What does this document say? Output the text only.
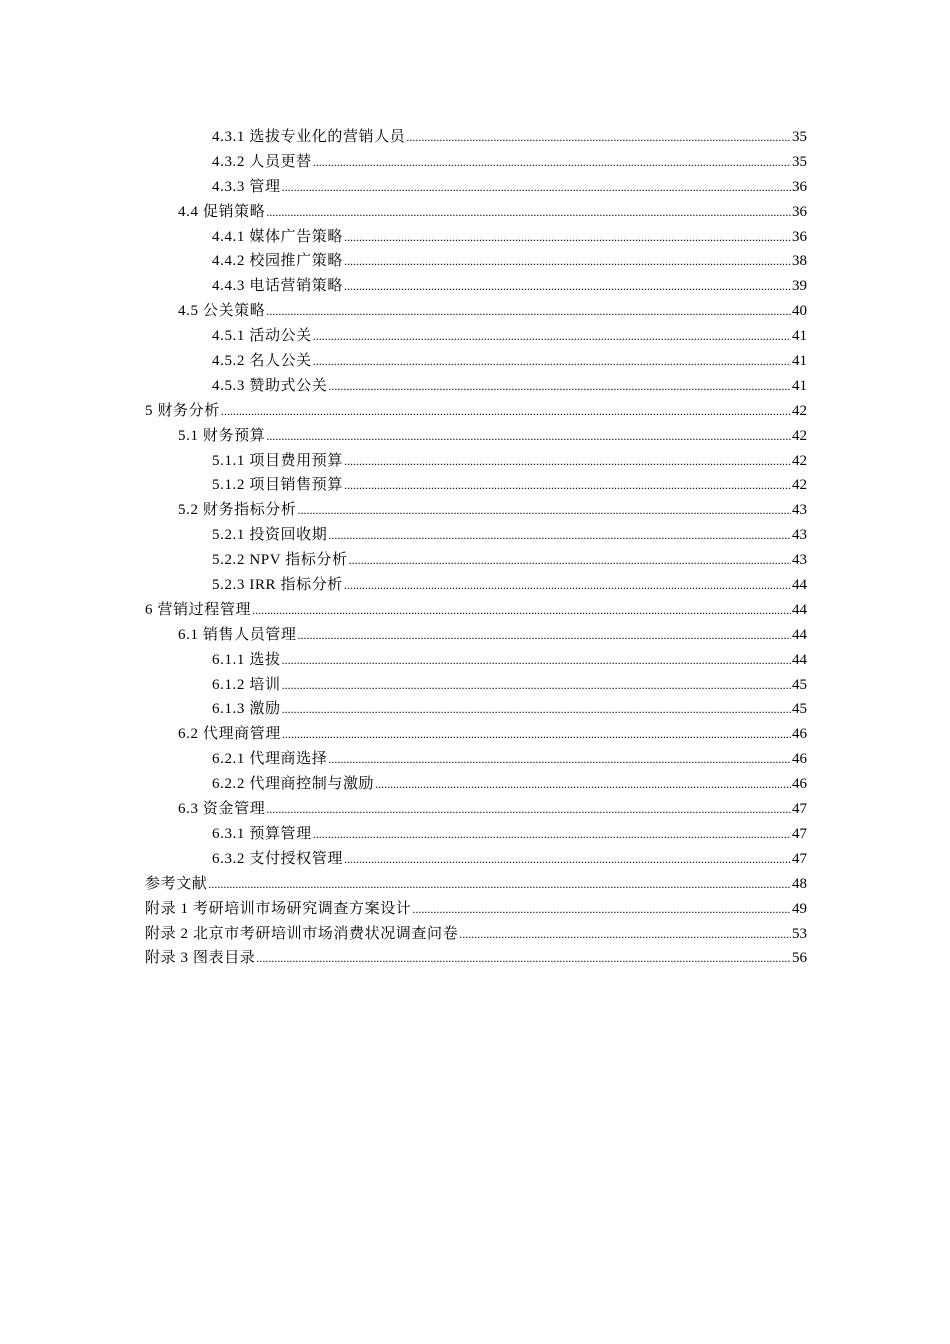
4.3.1 选拔专业化的营销人员 .....	35
4.3.2 人员更替 .....	35
4.3.3 管理 .....	36
4.4 促销策略 .....	36
4.4.1 媒体广告策略 .....	36
4.4.2 校园推广策略 .....	38
4.4.3 电话营销策略 .....	39
4.5 公关策略 .....	40
4.5.1 活动公关 .....	41
4.5.2 名人公关 .....	41
4.5.3 赞助式公关 .....	41
5 财务分析 .....	42
5.1 财务预算 .....	42
5.1.1 项目费用预算 .....	42
5.1.2 项目销售预算 .....	42
5.2 财务指标分析 .....	43
5.2.1 投资回收期 .....	43
5.2.2 NPV 指标分析 .....	43
5.2.3 IRR 指标分析 .....	44
6 营销过程管理 .....	44
6.1 销售人员管理 .....	44
6.1.1 选拔 .....	44
6.1.2 培训 .....	45
6.1.3 激励 .....	45
6.2 代理商管理 .....	46
6.2.1 代理商选择 .....	46
6.2.2 代理商控制与激励 .....	46
6.3 资金管理 .....	47
6.3.1 预算管理 .....	47
6.3.2 支付授权管理 .....	47
参考文献 .....	48
附录 1 考研培训市场研究调查方案设计 .....	49
附录 2 北京市考研培训市场消费状况调查问卷 .....	53
附录 3 图表目录 .....	56
